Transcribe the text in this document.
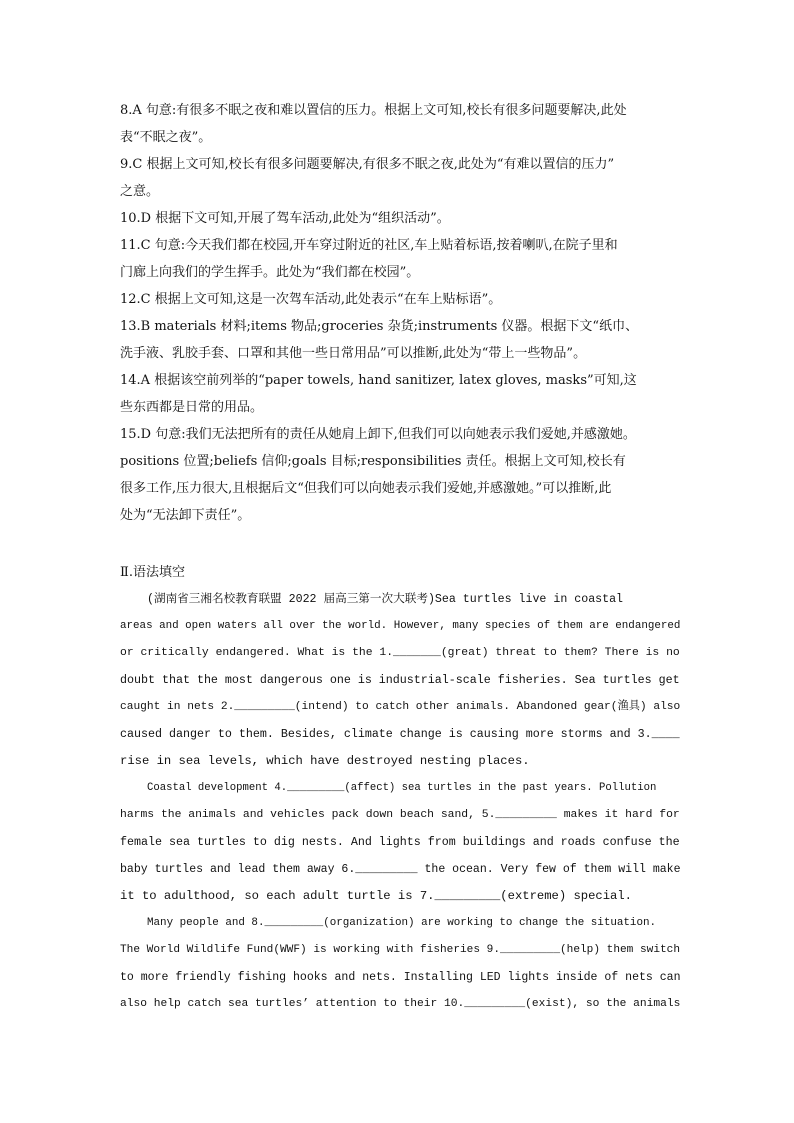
8.A 句意:有很多不眠之夜和难以置信的压力。根据上文可知,校长有很多问题要解决,此处
表“不眠之夜”。
9.C 根据上文可知,校长有很多问题要解决,有很多不眠之夜,此处为“有难以置信的压力”
之意。
10.D 根据下文可知,开展了驾车活动,此处为“组织活动”。
11.C 句意:今天我们都在校园,开车穿过附近的社区,车上贴着标语,按着喇叭,在院子里和
门廊上向我们的学生挥手。此处为“我们都在校园”。
12.C 根据上文可知,这是一次驾车活动,此处表示“在车上贴标语”。
13.B materials 材料;items 物品;groceries 杂货;instruments 仪器。根据下文“纸巾、
洗手液、乳胶手套、口罩和其他一些日常用品”可以推断,此处为“带上一些物品”。
14.A 根据该空前列举的“paper towels, hand sanitizer, latex gloves, masks”可知,这
些东西都是日常的用品。
15.D 句意:我们无法把所有的责任从她肩上卸下,但我们可以向她表示我们爱她,并感激她。
positions 位置;beliefs 信仰;goals 目标;responsibilities 责任。根据上文可知,校长有
很多工作,压力很大,且根据后文“但我们可以向她表示我们爱她,并感激她。”可以推断,此
处为“无法卸下责任”。
Ⅱ.语法填空
(湖南省三湘名校教育联盟 2022 届高三第一次大联考)Sea turtles live in coastal
areas and open waters all over the world. However, many species of them are endangered
or critically endangered. What is the 1._______(great) threat to them? There is no
doubt that the most dangerous one is industrial-scale fisheries. Sea turtles get
caught in nets 2._________(intend) to catch other animals. Abandoned gear(渔具) also
caused danger to them. Besides, climate change is causing more storms and 3.____
rise in sea levels, which have destroyed nesting places.
Coastal development 4._________(affect) sea turtles in the past years. Pollution
harms the animals and vehicles pack down beach sand, 5._________ makes it hard for
female sea turtles to dig nests. And lights from buildings and roads confuse the
baby turtles and lead them away 6._________ the ocean. Very few of them will make
it to adulthood, so each adult turtle is 7._________(extreme) special.
Many people and 8._________(organization) are working to change the situation.
The World Wildlife Fund(WWF) is working with fisheries 9._________(help) them switch
to more friendly fishing hooks and nets. Installing LED lights inside of nets can
also help catch sea turtles’ attention to their 10._________(exist), so the animals
